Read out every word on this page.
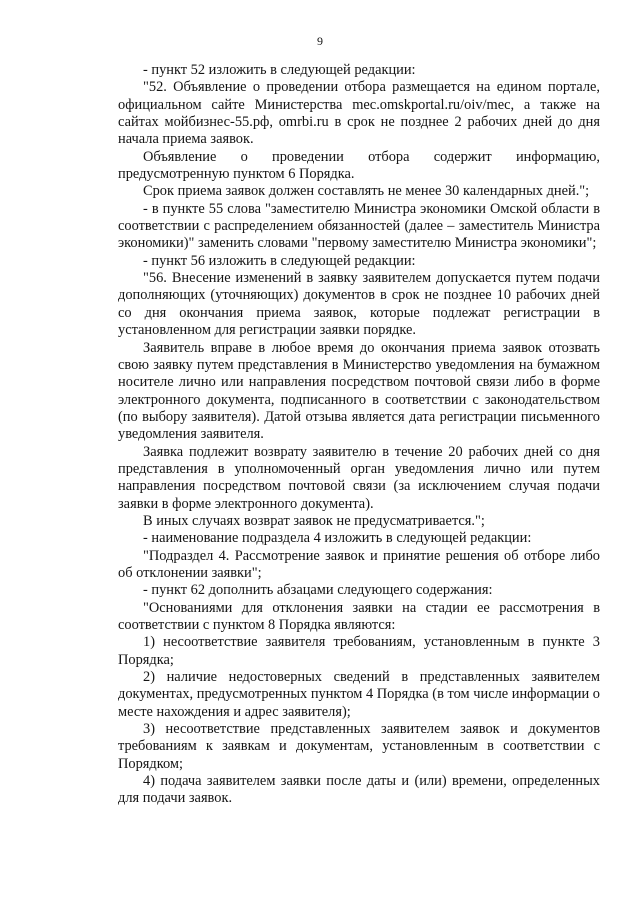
9

- пункт 52 изложить в следующей редакции:

"52. Объявление о проведении отбора размещается на едином портале, официальном сайте Министерства mec.omskportal.ru/oiv/mec, а также на сайтах мойбизнес-55.рф, omrbi.ru в срок не позднее 2 рабочих дней до дня начала приема заявок.

Объявление о проведении отбора содержит информацию, предусмотренную пунктом 6 Порядка.

Срок приема заявок должен составлять не менее 30 календарных дней.";

- в пункте 55 слова "заместителю Министра экономики Омской области в соответствии с распределением обязанностей (далее – заместитель Министра экономики)" заменить словами "первому заместителю Министра экономики";

- пункт 56 изложить в следующей редакции:

"56. Внесение изменений в заявку заявителем допускается путем подачи дополняющих (уточняющих) документов в срок не позднее 10 рабочих дней со дня окончания приема заявок, которые подлежат регистрации в установленном для регистрации заявки порядке.

Заявитель вправе в любое время до окончания приема заявок отозвать свою заявку путем представления в Министерство уведомления на бумажном носителе лично или направления посредством почтовой связи либо в форме электронного документа, подписанного в соответствии с законодательством (по выбору заявителя). Датой отзыва является дата регистрации письменного уведомления заявителя.

Заявка подлежит возврату заявителю в течение 20 рабочих дней со дня представления в уполномоченный орган уведомления лично или путем направления посредством почтовой связи (за исключением случая подачи заявки в форме электронного документа).

В иных случаях возврат заявок не предусматривается.";

- наименование подраздела 4 изложить в следующей редакции:

"Подраздел 4. Рассмотрение заявок и принятие решения об отборе либо об отклонении заявки";

- пункт 62 дополнить абзацами следующего содержания:

"Основаниями для отклонения заявки на стадии ее рассмотрения в соответствии с пунктом 8 Порядка являются:

1) несоответствие заявителя требованиям, установленным в пункте 3 Порядка;

2) наличие недостоверных сведений в представленных заявителем документах, предусмотренных пунктом 4 Порядка (в том числе информации о месте нахождения и адрес заявителя);

3) несоответствие представленных заявителем заявок и документов требованиям к заявкам и документам, установленным в соответствии с Порядком;

4) подача заявителем заявки после даты и (или) времени, определенных для подачи заявок.
